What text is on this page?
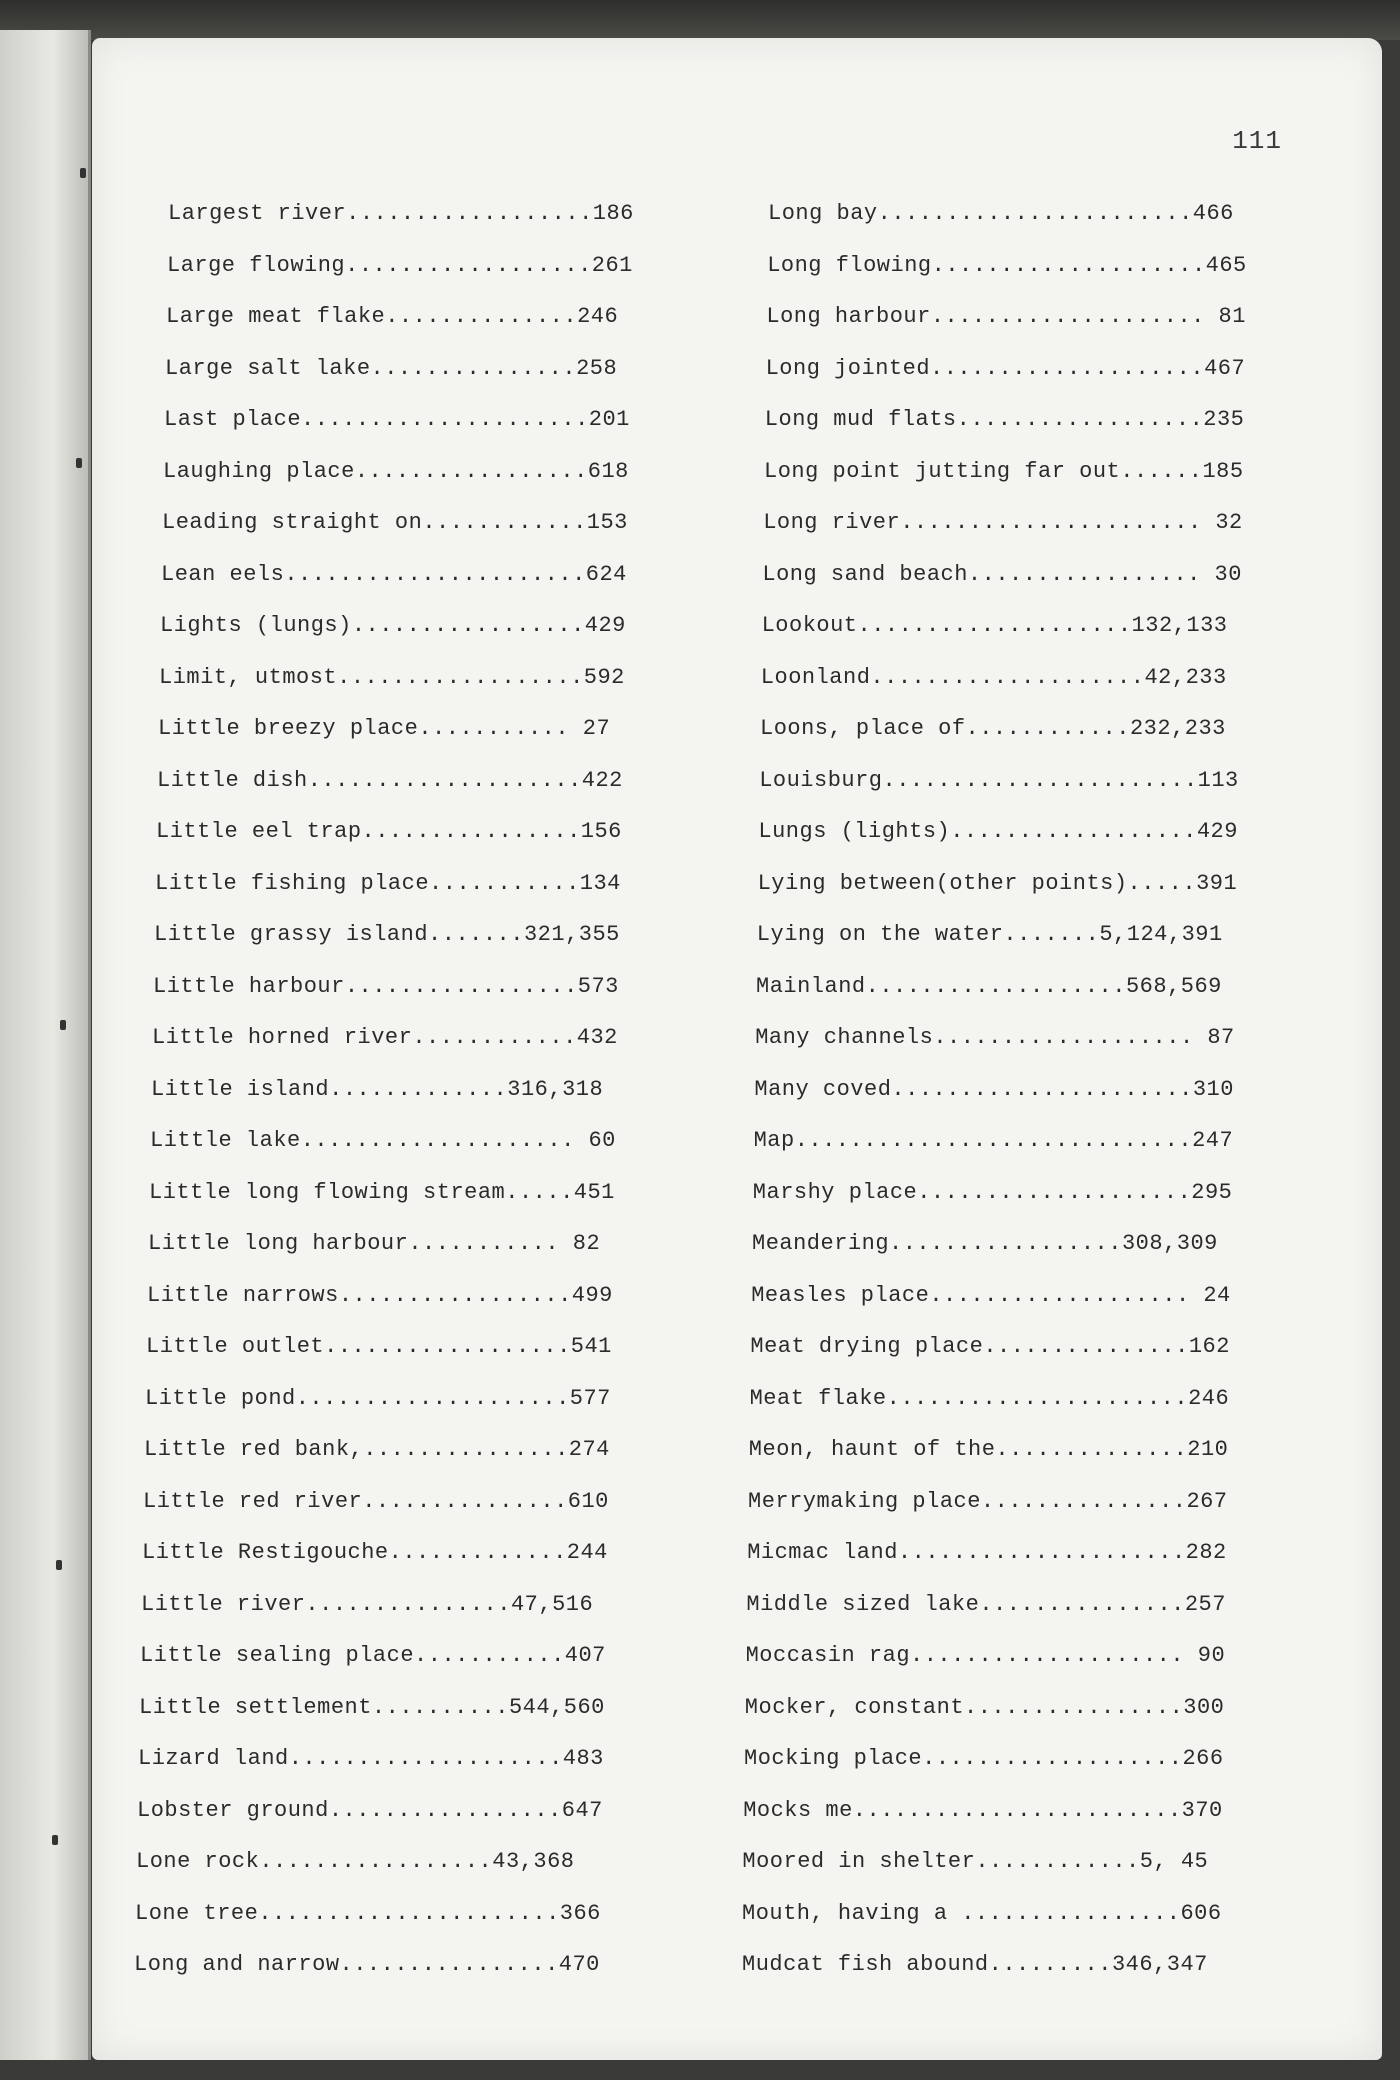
111
Largest river..................186
Large flowing..................261
Large meat flake..............246
Large salt lake...............258
Last place.....................201
Laughing place.................618
Leading straight on............153
Lean eels......................624
Lights (lungs).................429
Limit, utmost..................592
Little breezy place........... 27
Little dish....................422
Little eel trap................156
Little fishing place...........134
Little grassy island.......321,355
Little harbour.................573
Little horned river............432
Little island.............316,318
Little lake.................... 60
Little long flowing stream.....451
Little long harbour........... 82
Little narrows.................499
Little outlet..................541
Little pond....................577
Little red bank,...............274
Little red river...............610
Little Restigouche.............244
Little river...............47,516
Little sealing place...........407
Little settlement..........544,560
Lizard land....................483
Lobster ground.................647
Lone rock.................43,368
Lone tree......................366
Long and narrow................470
Long bay.......................466
Long flowing....................465
Long harbour.................... 81
Long jointed....................467
Long mud flats..................235
Long point jutting far out......185
Long river...................... 32
Long sand beach................. 30
Lookout....................132,133
Loonland....................42,233
Loons, place of............232,233
Louisburg.......................113
Lungs (lights)..................429
Lying between(other points).....391
Lying on the water.......5,124,391
Mainland...................568,569
Many channels................... 87
Many coved......................310
Map.............................247
Marshy place....................295
Meandering.................308,309
Measles place................... 24
Meat drying place...............162
Meat flake......................246
Meon, haunt of the..............210
Merrymaking place...............267
Micmac land.....................282
Middle sized lake...............257
Moccasin rag.................... 90
Mocker, constant................300
Mocking place...................266
Mocks me........................370
Moored in shelter............5, 45
Mouth, having a ................606
Mudcat fish abound.........346,347
